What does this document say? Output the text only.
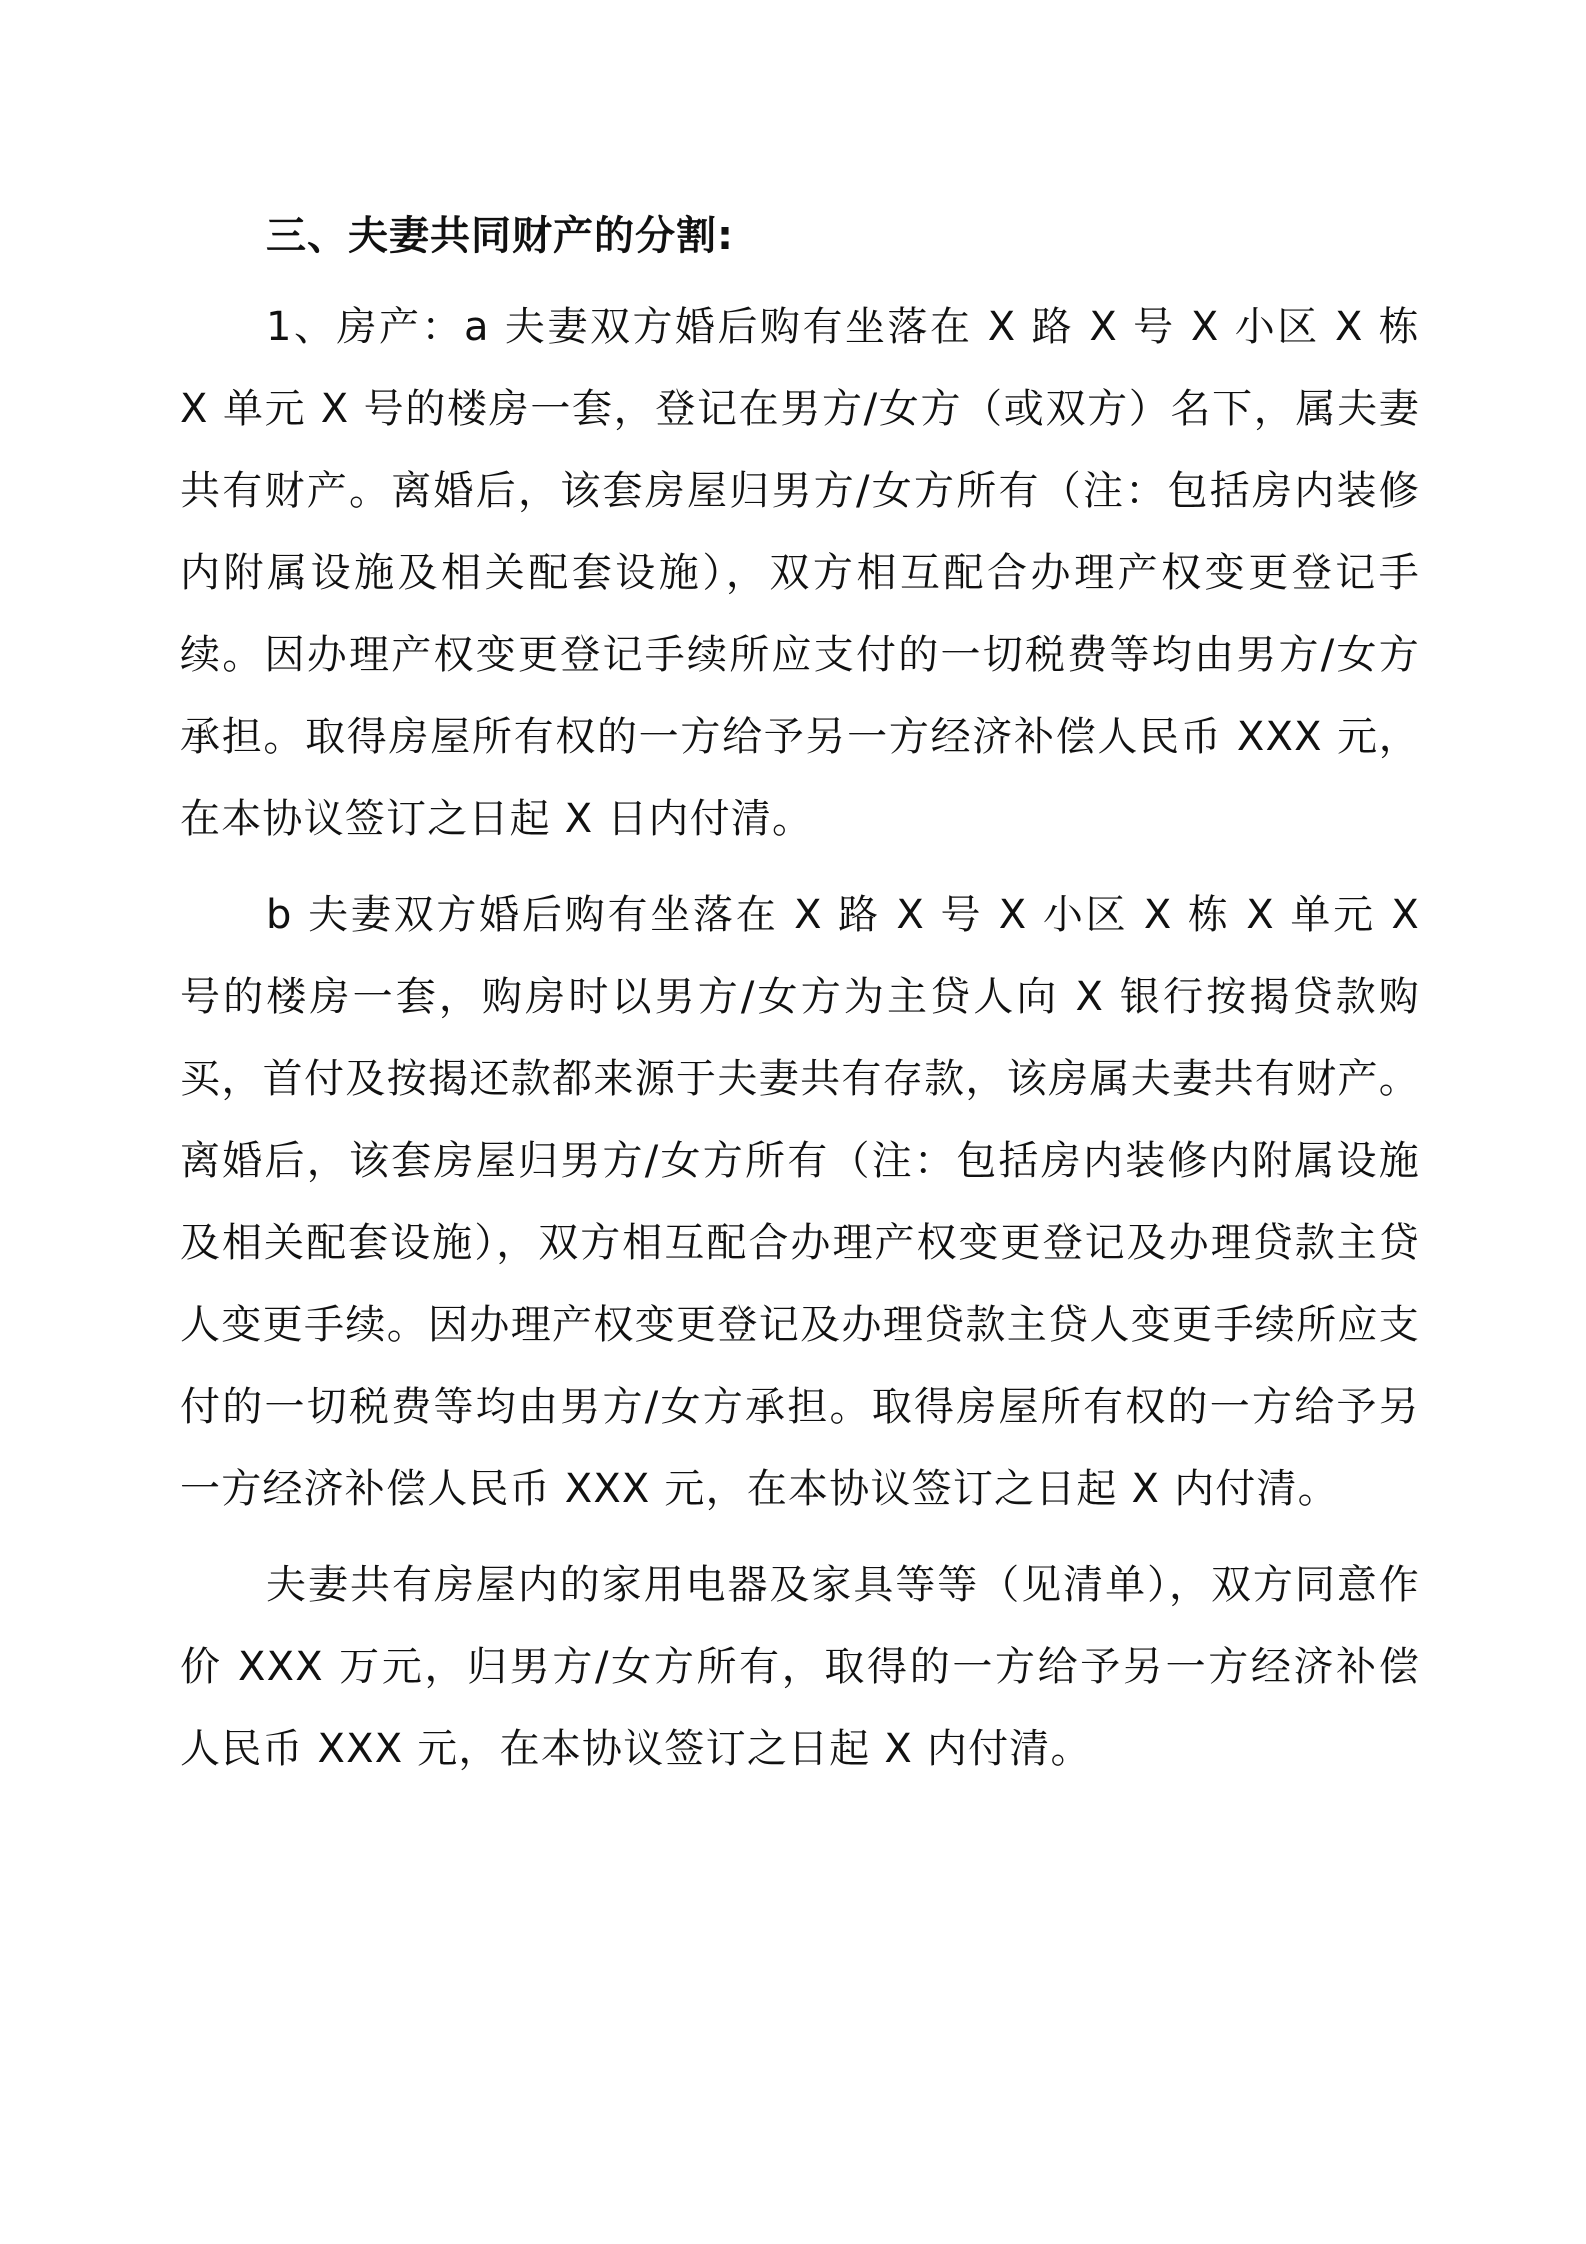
三、夫妻共同财产的分割:

1、房产：a 夫妻双方婚后购有坐落在 X 路 X 号 X 小区 X 栋 X 单元 X 号的楼房一套，登记在男方/女方（或双方）名下，属夫妻共有财产。离婚后，该套房屋归男方/女方所有（注：包括房内装修内附属设施及相关配套设施），双方相互配合办理产权变更登记手续。因办理产权变更登记手续所应支付的一切税费等均由男方/女方承担。取得房屋所有权的一方给予另一方经济补偿人民币 XXX 元，在本协议签订之日起 X 日内付清。

b 夫妻双方婚后购有坐落在 X 路 X 号 X 小区 X 栋 X 单元 X 号的楼房一套，购房时以男方/女方为主贷人向 X 银行按揭贷款购买，首付及按揭还款都来源于夫妻共有存款，该房属夫妻共有财产。离婚后，该套房屋归男方/女方所有（注：包括房内装修内附属设施及相关配套设施），双方相互配合办理产权变更登记及办理贷款主贷人变更手续。因办理产权变更登记及办理贷款主贷人变更手续所应支付的一切税费等均由男方/女方承担。取得房屋所有权的一方给予另一方经济补偿人民币 XXX 元，在本协议签订之日起 X 内付清。

夫妻共有房屋内的家用电器及家具等等（见清单），双方同意作价 XXX 万元，归男方/女方所有，取得的一方给予另一方经济补偿人民币 XXX 元，在本协议签订之日起 X 内付清。
